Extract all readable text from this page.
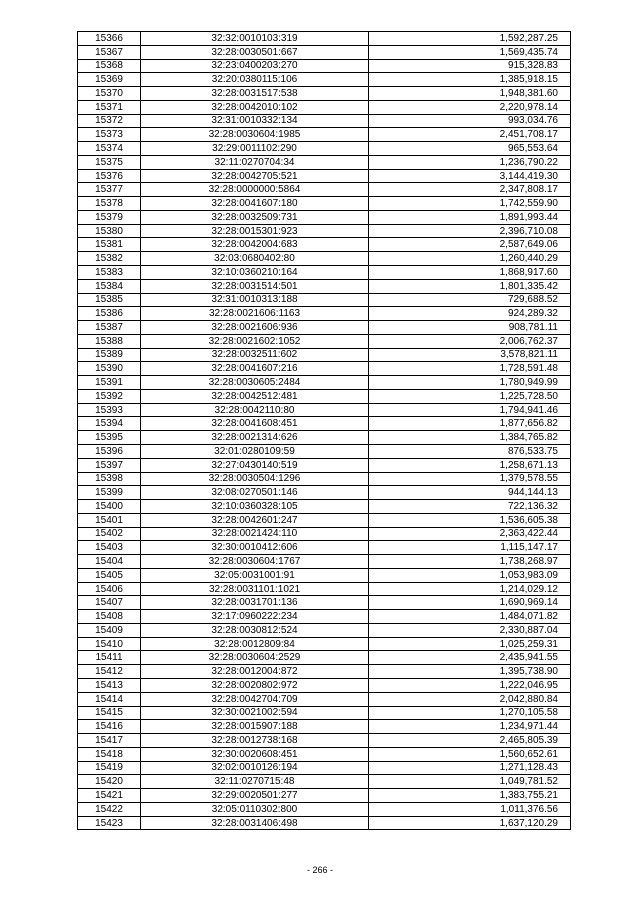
15366	32:32:0010103:319	1,592,287.25
15367	32:28:0030501:667	1,569,435.74
15368	32:23:0400203:270	915,328.83
15369	32:20:0380115:106	1,385,918.15
15370	32:28:0031517:538	1,948,381.60
15371	32:28:0042010:102	2,220,978.14
15372	32:31:0010332:134	993,034.76
15373	32:28:0030604:1985	2,451,708.17
15374	32:29:0011102:290	965,553.64
15375	32:11:0270704:34	1,236,790.22
15376	32:28:0042705:521	3,144,419.30
15377	32:28:0000000:5864	2,347,808.17
15378	32:28:0041607:180	1,742,559.90
15379	32:28:0032509:731	1,891,993.44
15380	32:28:0015301:923	2,396,710.08
15381	32:28:0042004:683	2,587,649.06
15382	32:03:0680402:80	1,260,440.29
15383	32:10:0360210:164	1,868,917.60
15384	32:28:0031514:501	1,801,335.42
15385	32:31:0010313:188	729,688.52
15386	32:28:0021606:1163	924,289.32
15387	32:28:0021606:936	908,781.11
15388	32:28:0021602:1052	2,006,762.37
15389	32:28:0032511:602	3,578,821.11
15390	32:28:0041607:216	1,728,591.48
15391	32:28:0030605:2484	1,780,949.99
15392	32:28:0042512:481	1,225,728.50
15393	32:28:0042110:80	1,794,941.46
15394	32:28:0041608:451	1,877,656.82
15395	32:28:0021314:626	1,384,765.82
15396	32:01:0280109:59	876,533.75
15397	32:27:0430140:519	1,258,671.13
15398	32:28:0030504:1296	1,379,578.55
15399	32:08:0270501:146	944,144.13
15400	32:10:0360328:105	722,136.32
15401	32:28:0042601:247	1,536,605.38
15402	32:28:0021424:110	2,363,422.44
15403	32:30:0010412:606	1,115,147.17
15404	32:28:0030604:1767	1,738,268.97
15405	32:05:0031001:91	1,053,983.09
15406	32:28:0031101:1021	1,214,029.12
15407	32:28:0031701:136	1,690,969.14
15408	32:17:0960222:234	1,484,071.82
15409	32:28:0030812:524	2,330,887.04
15410	32:28:0012809:84	1,025,259.31
15411	32:28:0030604:2529	2,435,941.55
15412	32:28:0012004:872	1,395,738.90
15413	32:28:0020802:972	1,222,046.95
15414	32:28:0042704:709	2,042,880.84
15415	32:30:0021002:594	1,270,105.58
15416	32:28:0015907:188	1,234,971.44
15417	32:28:0012738:168	2,465,805.39
15418	32:30:0020608:451	1,560,652.61
15419	32:02:0010126:194	1,271,128.43
15420	32:11:0270715:48	1,049,781.52
15421	32:29:0020501:277	1,383,755.21
15422	32:05:0110302:800	1,011,376.56
15423	32:28:0031406:498	1,637,120.29
- 266 -
